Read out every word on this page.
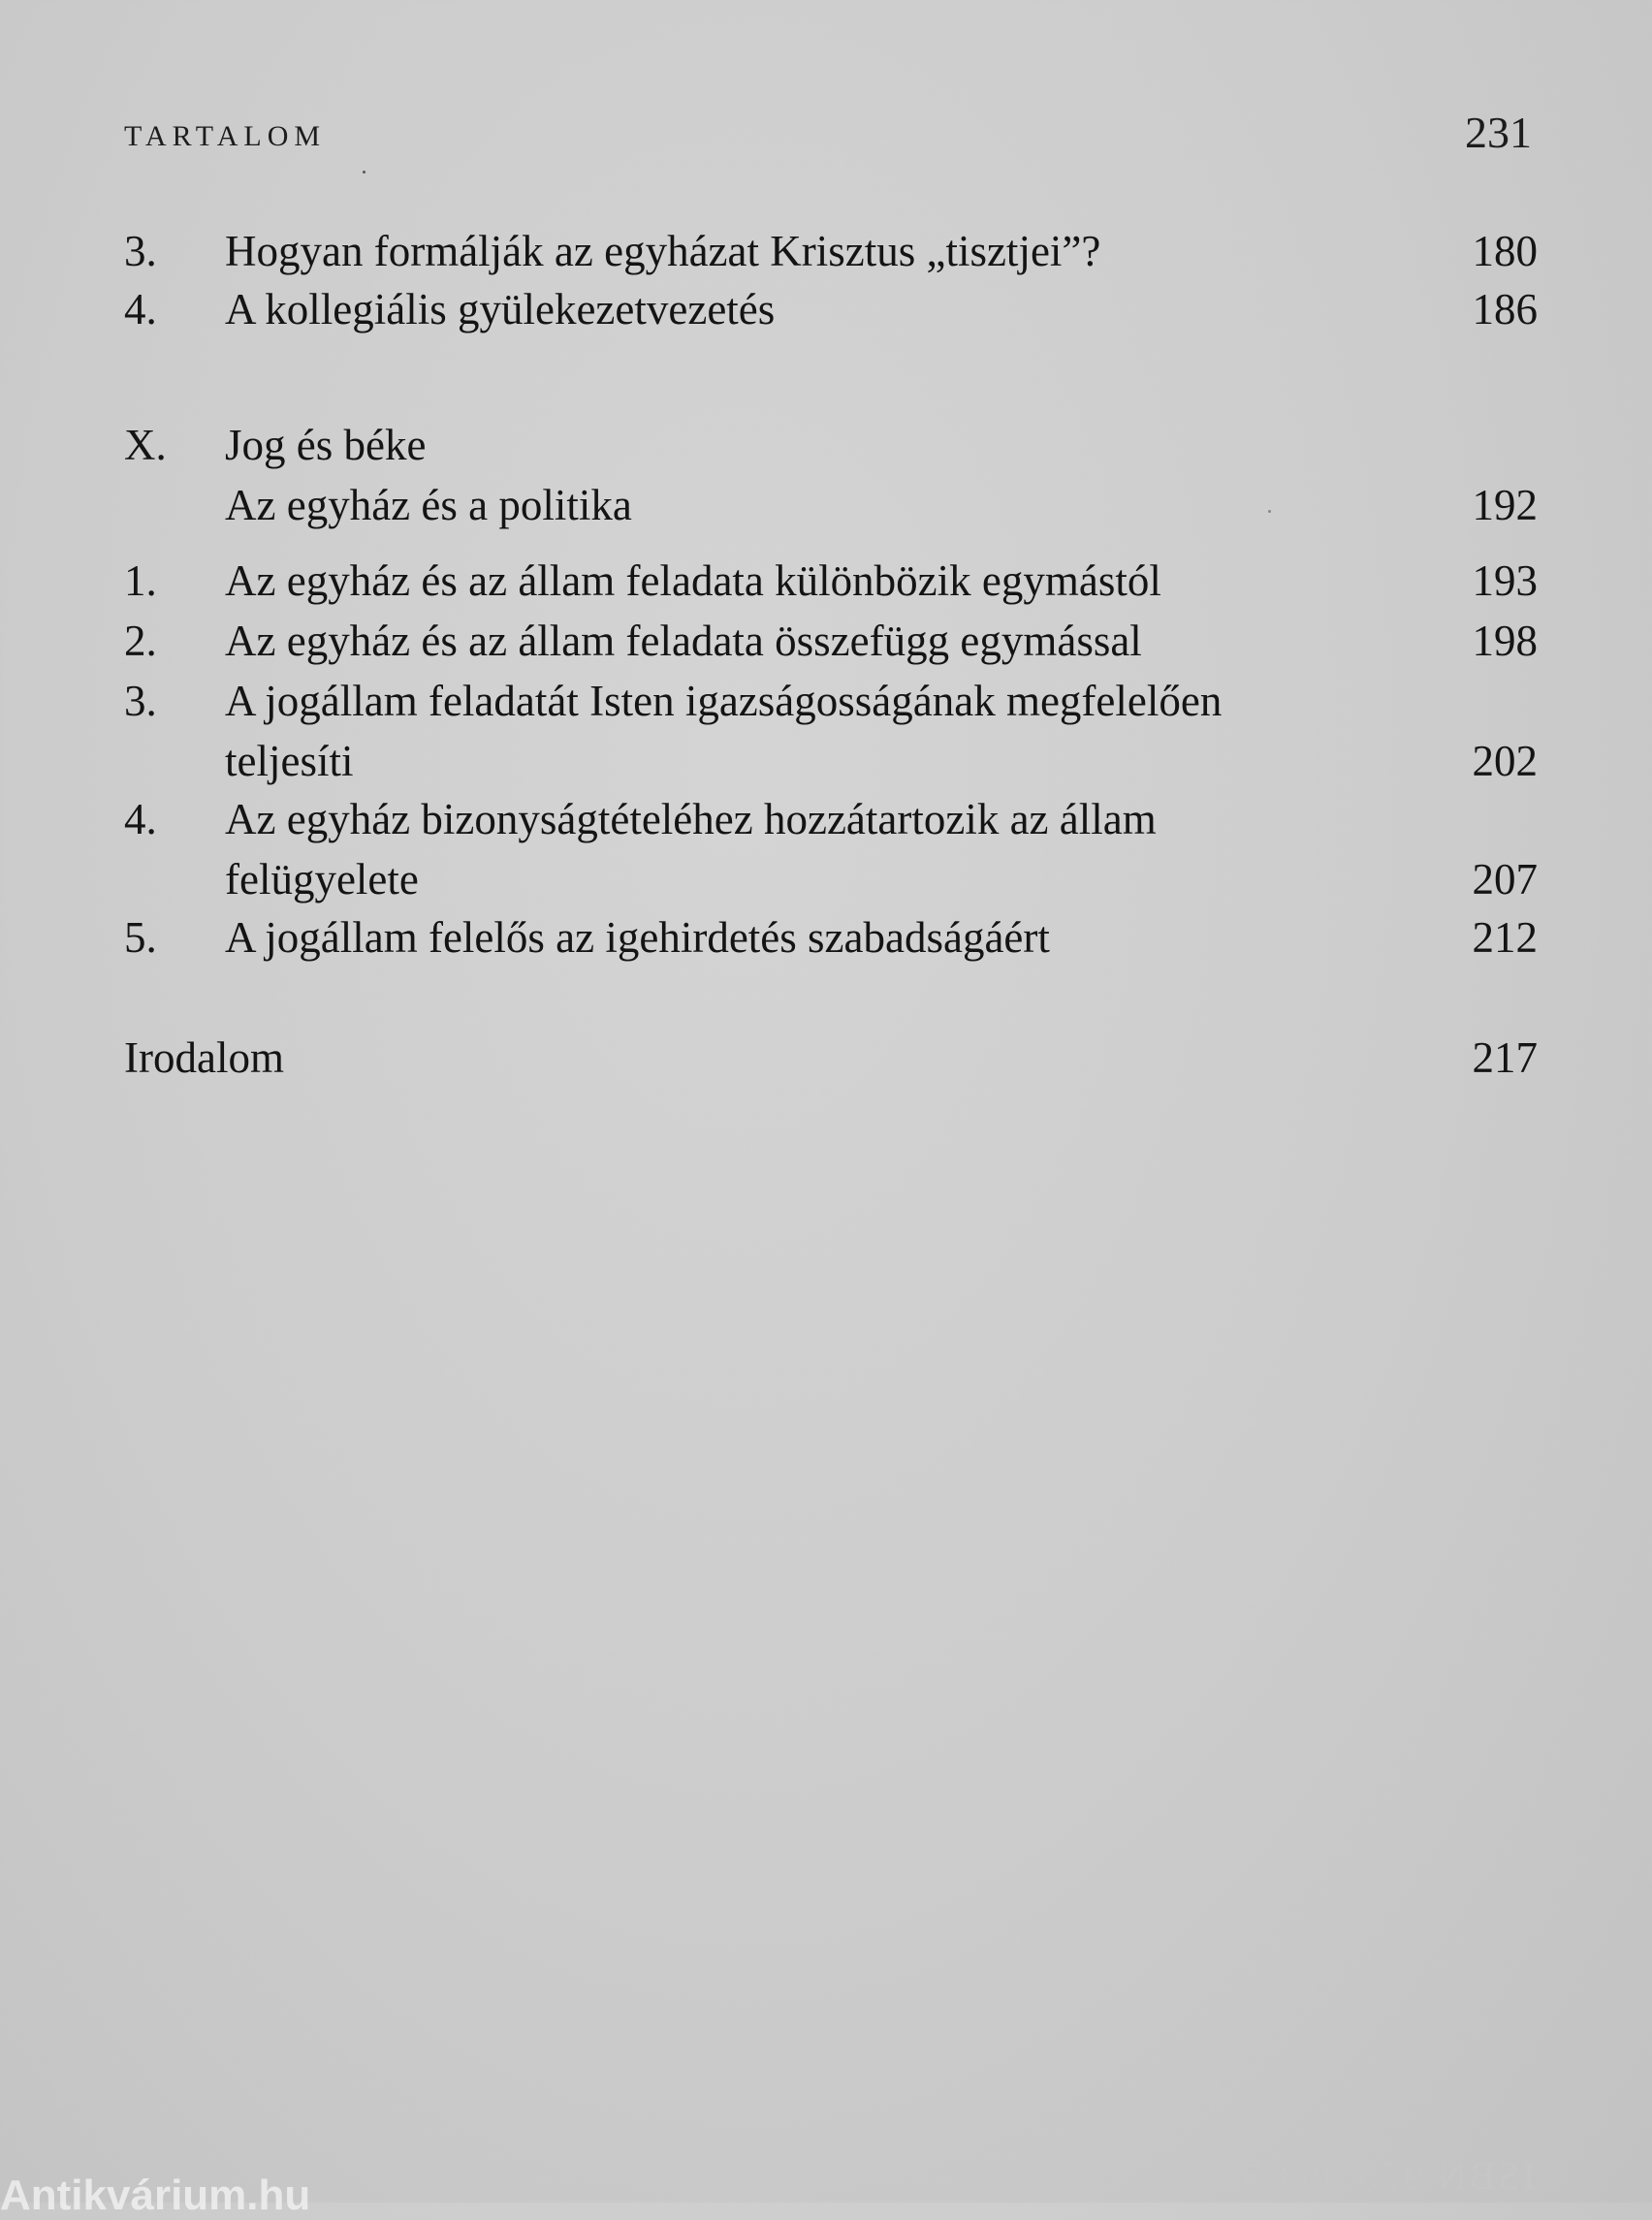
TARTALOM	231
3. Hogyan formálják az egyházat Krisztus „tisztjei”?	180
4. A kollegiális gyülekezetvezetés	186
X. Jog és béke
Az egyház és a politika	192
1. Az egyház és az állam feladata különbözik egymástól	193
2. Az egyház és az állam feladata összefügg egymással	198
3. A jogállam feladatát Isten igazságosságának megfelelően
teljesíti	202
4. Az egyház bizonyságtételéhez hozzátartozik az állam
felügyelete	207
5. A jogállam felelős az igehirdetés szabadságáért	212
Irodalom	217
ISBN 978 963 558 118 4
Antikvárium.hu
